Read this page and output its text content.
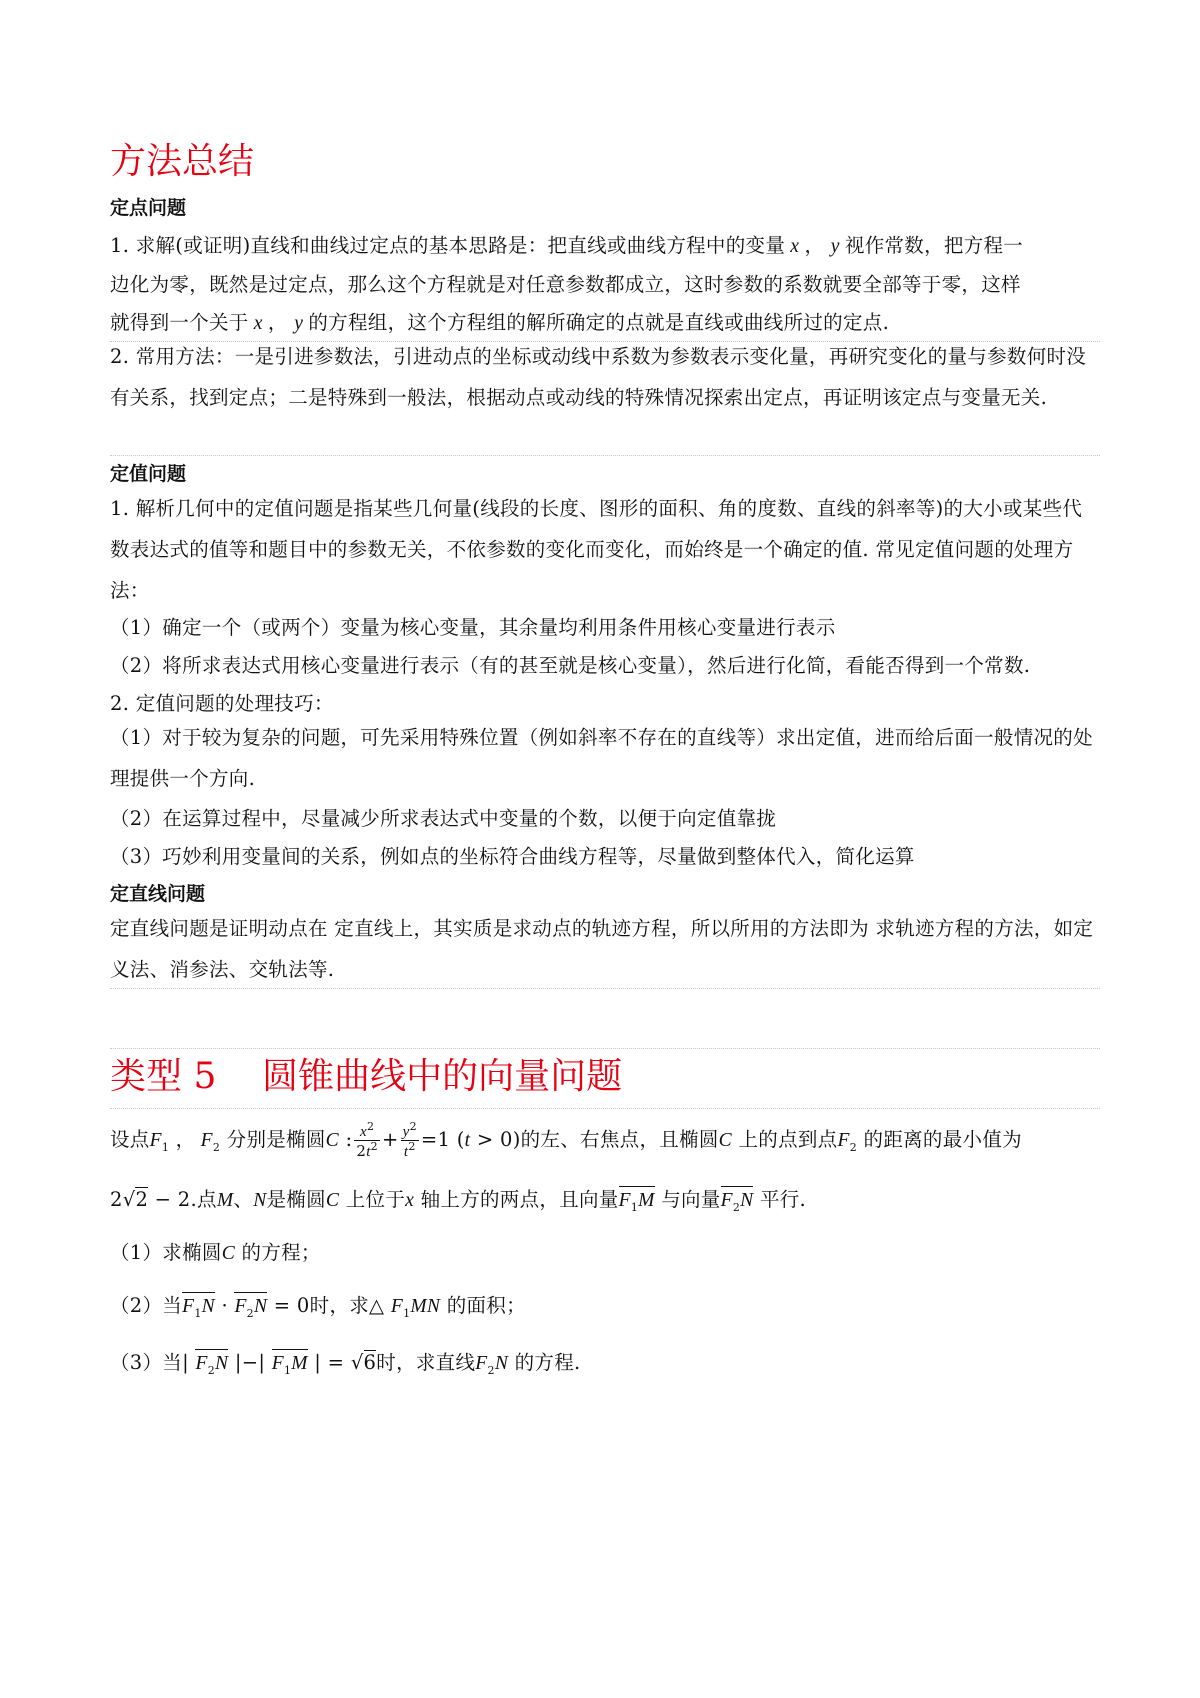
方法总结
定点问题
1. 求解(或证明)直线和曲线过定点的基本思路是：把直线或曲线方程中的变量 x ， y 视作常数，把方程一
边化为零，既然是过定点，那么这个方程就是对任意参数都成立，这时参数的系数就要全部等于零，这样
就得到一个关于 x ， y 的方程组，这个方程组的解所确定的点就是直线或曲线所过的定点.
2. 常用方法：一是引进参数法，引进动点的坐标或动线中系数为参数表示变化量，再研究变化的量与参数何时没有关系，找到定点；二是特殊到一般法，根据动点或动线的特殊情况探索出定点，再证明该定点与变量无关.
定值问题
1. 解析几何中的定值问题是指某些几何量(线段的长度、图形的面积、角的度数、直线的斜率等)的大小或某些代数表达式的值等和题目中的参数无关，不依参数的变化而变化，而始终是一个确定的值. 常见定值问题的处理方法：
（1）确定一个（或两个）变量为核心变量，其余量均利用条件用核心变量进行表示
（2）将所求表达式用核心变量进行表示（有的甚至就是核心变量），然后进行化简，看能否得到一个常数.
2. 定值问题的处理技巧：
（1）对于较为复杂的问题，可先采用特殊位置（例如斜率不存在的直线等）求出定值，进而给后面一般情况的处理提供一个方向.
（2）在运算过程中，尽量减少所求表达式中变量的个数，以便于向定值靠拢
（3）巧妙利用变量间的关系，例如点的坐标符合曲线方程等，尽量做到整体代入，简化运算
定直线问题
定直线问题是证明动点在 定直线上，其实质是求动点的轨迹方程，所以所用的方法即为 求轨迹方程的方法，如定义法、消参法、交轨法等.
类型 5    圆锥曲线中的向量问题
设点$F_1$ ， $F_2$ 分别是椭圆C : $\frac{x^2}{2t^2} + \frac{y^2}{t^2} =1$ (t > 0)的左、右焦点，且椭圆C 上的点到点$F_2$ 的距离的最小值为
2√2 − 2.点M、N是椭圆C 上位于x 轴上方的两点，且向量$F_1M$ 与向量$F_2N$ 平行.
（1）求椭圆C 的方程；
（2）当$F_1N \cdot F_2N = 0$时，求△ $F_1MN$ 的面积；
（3）当| $F_2N$ |−| $F_1M$ | = √6时，求直线$F_2N$ 的方程.
